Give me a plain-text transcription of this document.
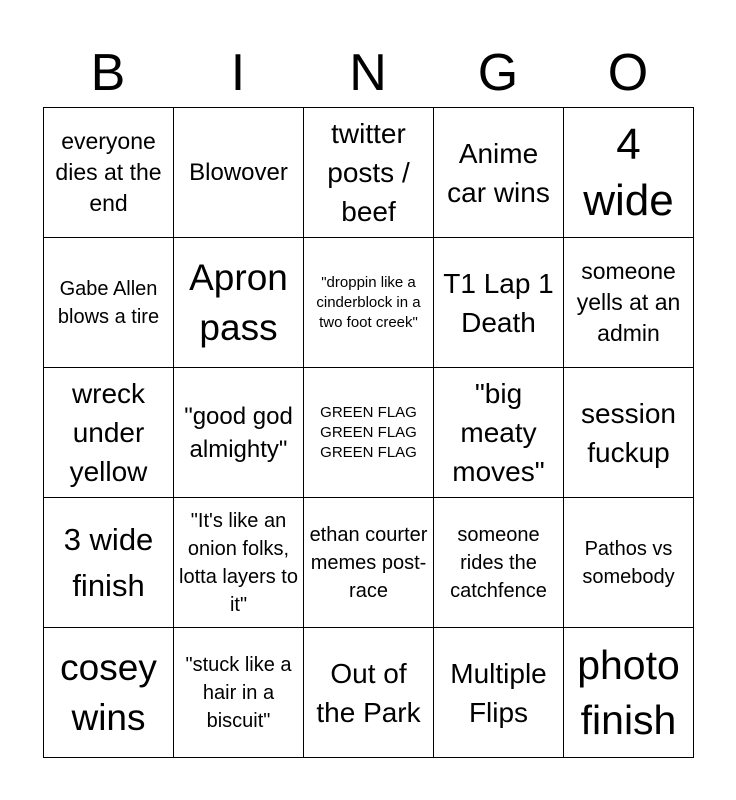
B	I	N	G	O
everyone dies at the end	Blowover	twitter posts / beef	Anime car wins	4 wide
Gabe Allen blows a tire	Apron pass	"droppin like a cinderblock in a two foot creek"	T1 Lap 1 Death	someone yells at an admin
wreck under yellow	"good god almighty"	GREEN FLAG GREEN FLAG GREEN FLAG	"big meaty moves"	session fuckup
3 wide finish	"It's like an onion folks, lotta layers to it"	ethan courter memes post-race	someone rides the catchfence	Pathos vs somebody
cosey wins	"stuck like a hair in a biscuit"	Out of the Park	Multiple Flips	photo finish
